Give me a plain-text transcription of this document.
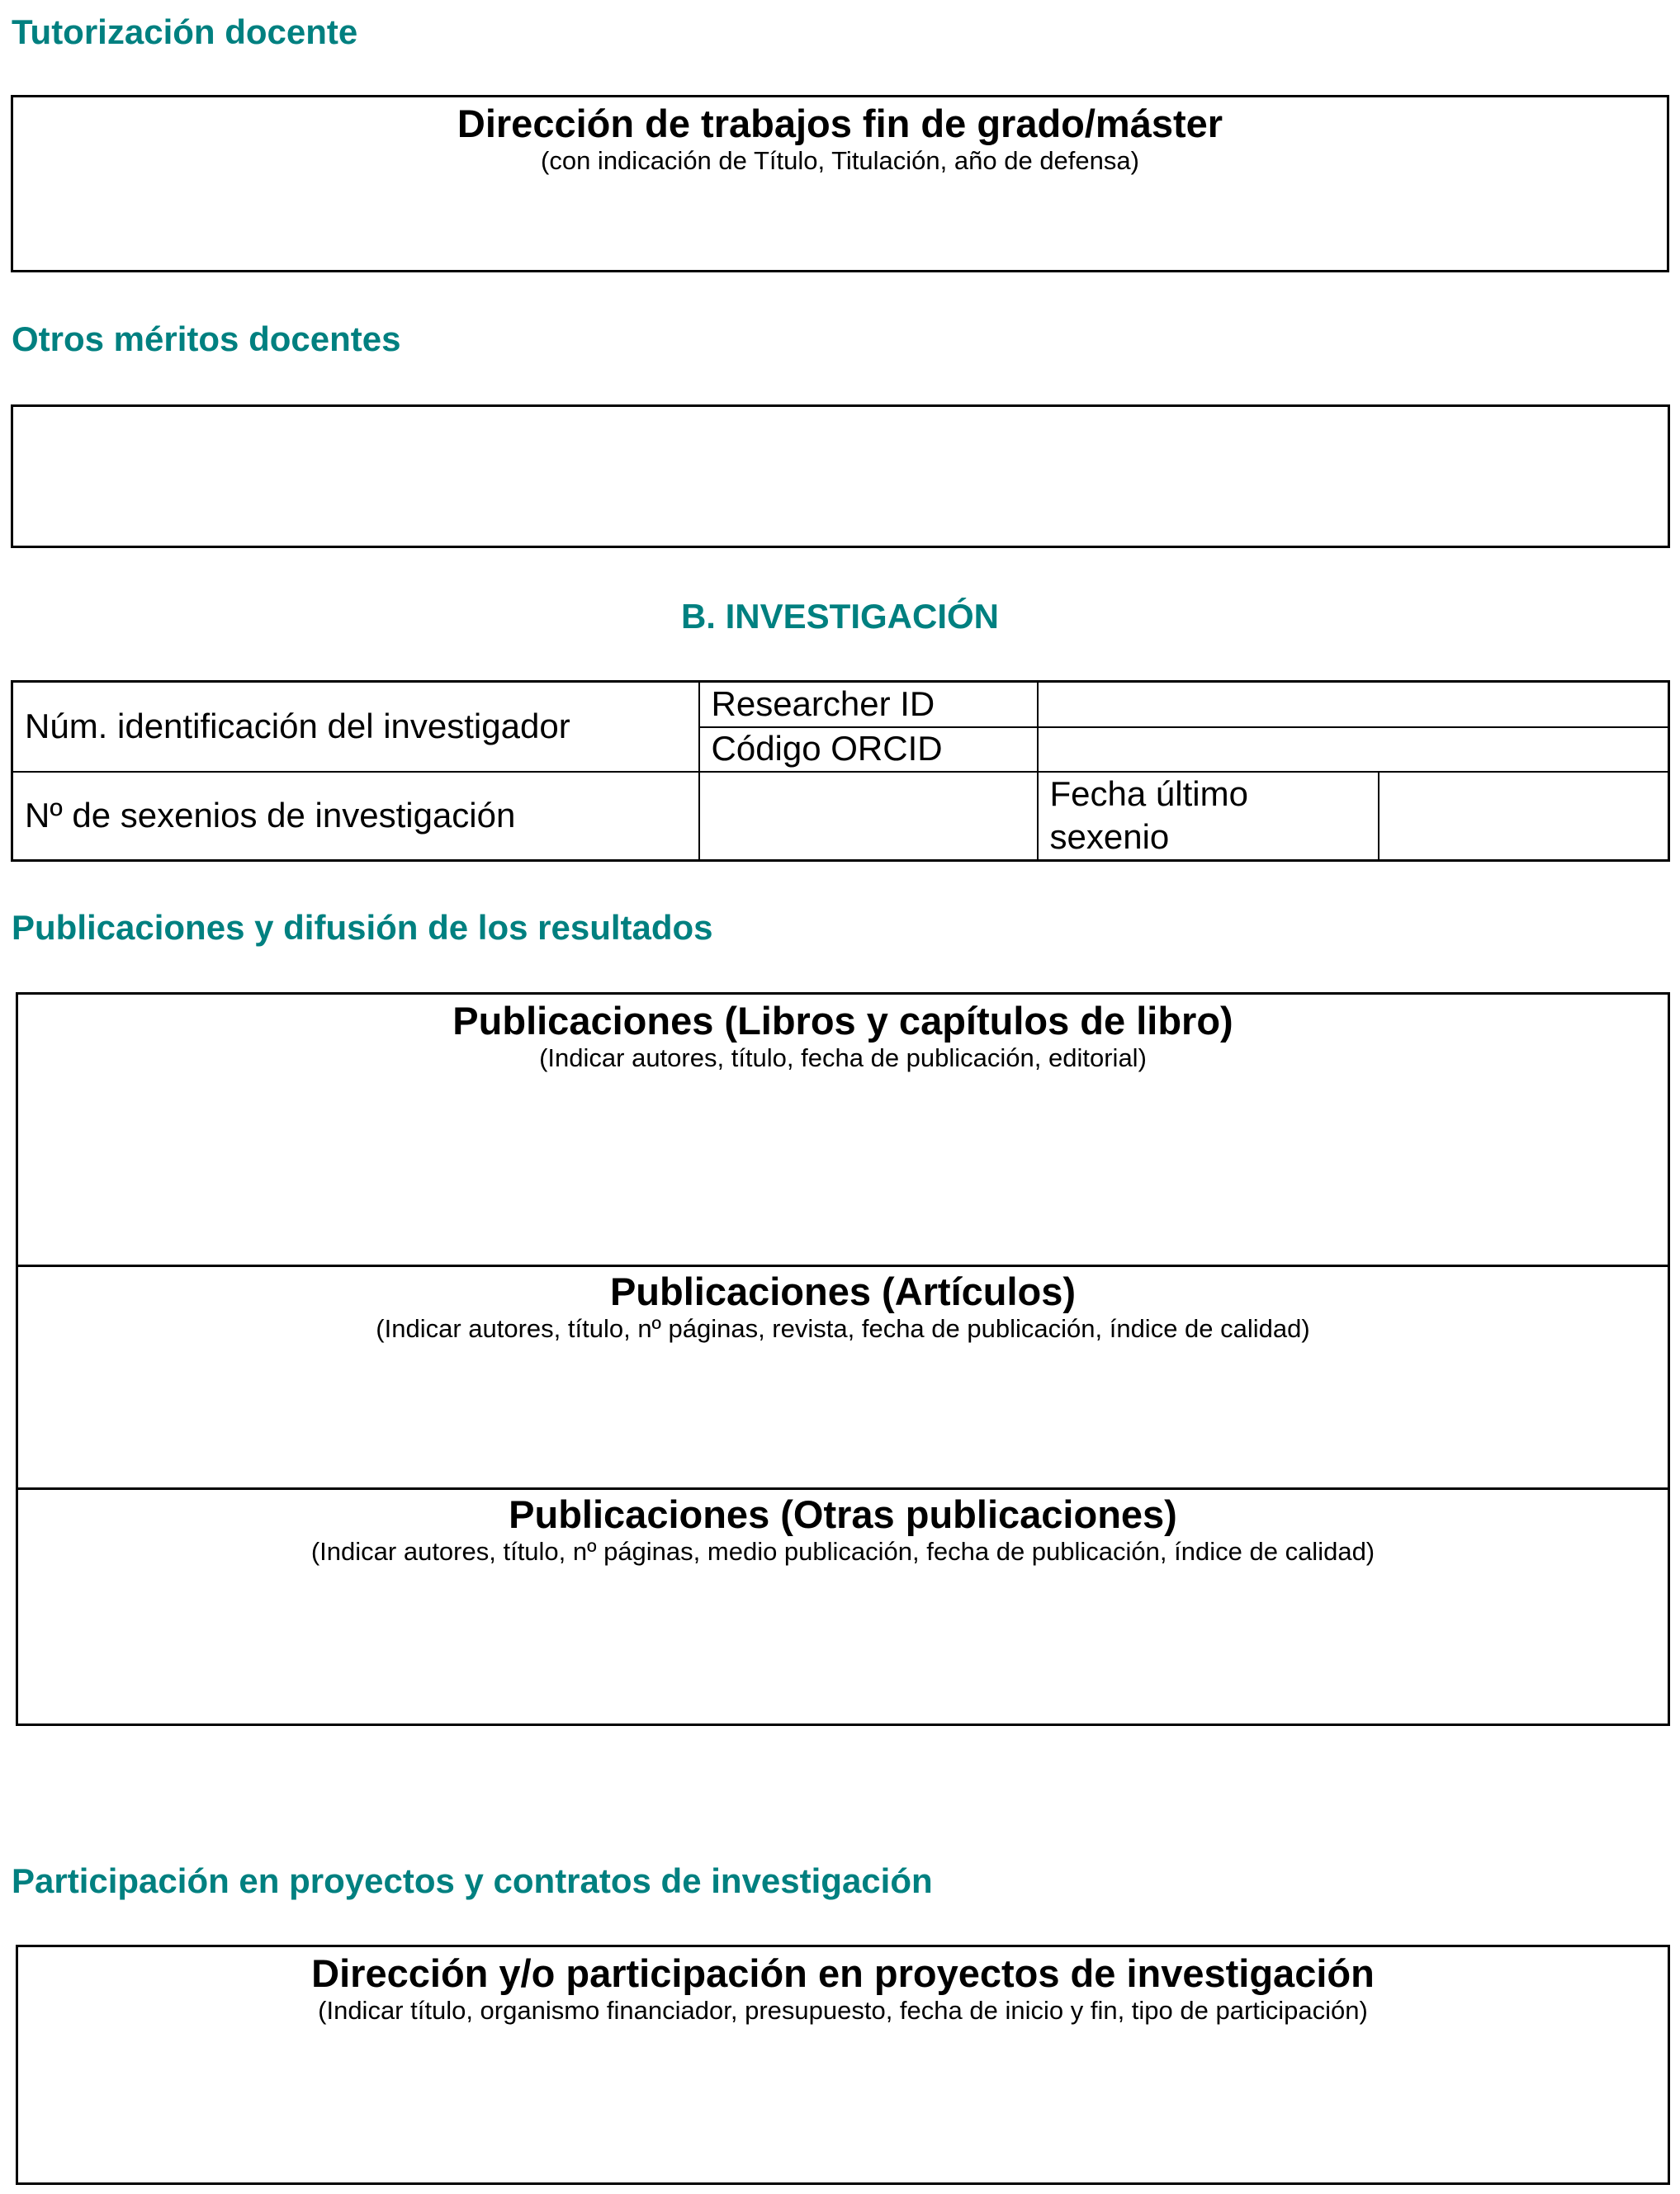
Tutorización docente
Dirección de trabajos fin de grado/máster
(con indicación de Título, Titulación, año de defensa)
Otros méritos docentes
B. INVESTIGACIÓN
Núm. identificación del investigador	Researcher ID		
	Código ORCID		
Nº de sexenios de investigación		Fecha último sexenio	
Publicaciones y difusión de los resultados
Publicaciones (Libros y capítulos de libro)
(Indicar autores, título, fecha de publicación, editorial)
Publicaciones (Artículos)
(Indicar autores, título, nº páginas, revista, fecha de publicación, índice de calidad)
Publicaciones (Otras publicaciones)
(Indicar autores, título, nº páginas, medio publicación, fecha de publicación, índice de calidad)
Participación en proyectos y contratos de investigación
Dirección y/o participación en proyectos de investigación
(Indicar título, organismo financiador, presupuesto, fecha de inicio y fin, tipo de participación)
